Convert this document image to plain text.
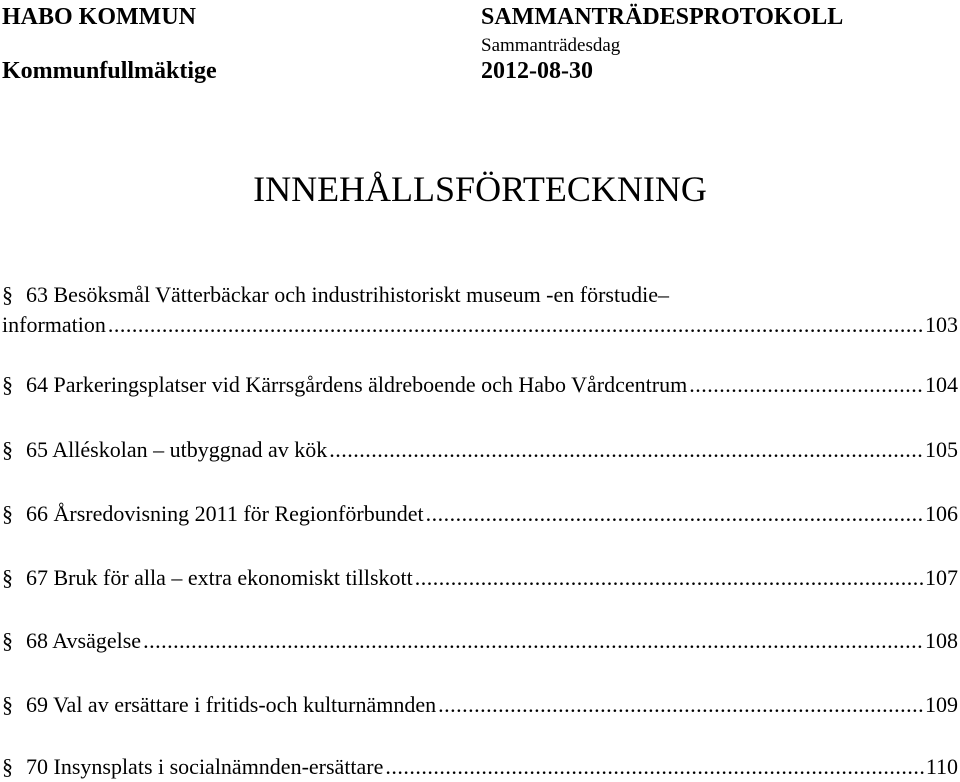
HABO KOMMUN
Kommunfullmäktige
SAMMANTRÄDESPROTOKOLL
Sammanträdesdag
2012-08-30
INNEHÅLLSFÖRTECKNING
§ 63 Besöksmål Vätterbäckar och industrihistoriskt museum -en förstudie–
information .....	103
§ 64 Parkeringsplatser vid Kärrsgårdens äldreboende och Habo Vårdcentrum .....	104
§ 65 Alléskolan – utbyggnad av kök .....	105
§ 66 Årsredovisning 2011 för Regionförbundet .....	106
§ 67 Bruk för alla – extra ekonomiskt tillskott .....	107
§ 68 Avsägelse .....	108
§ 69 Val av ersättare i fritids-och kulturnämnden .....	109
§ 70 Insynsplats i socialnämnden-ersättare .....	110
